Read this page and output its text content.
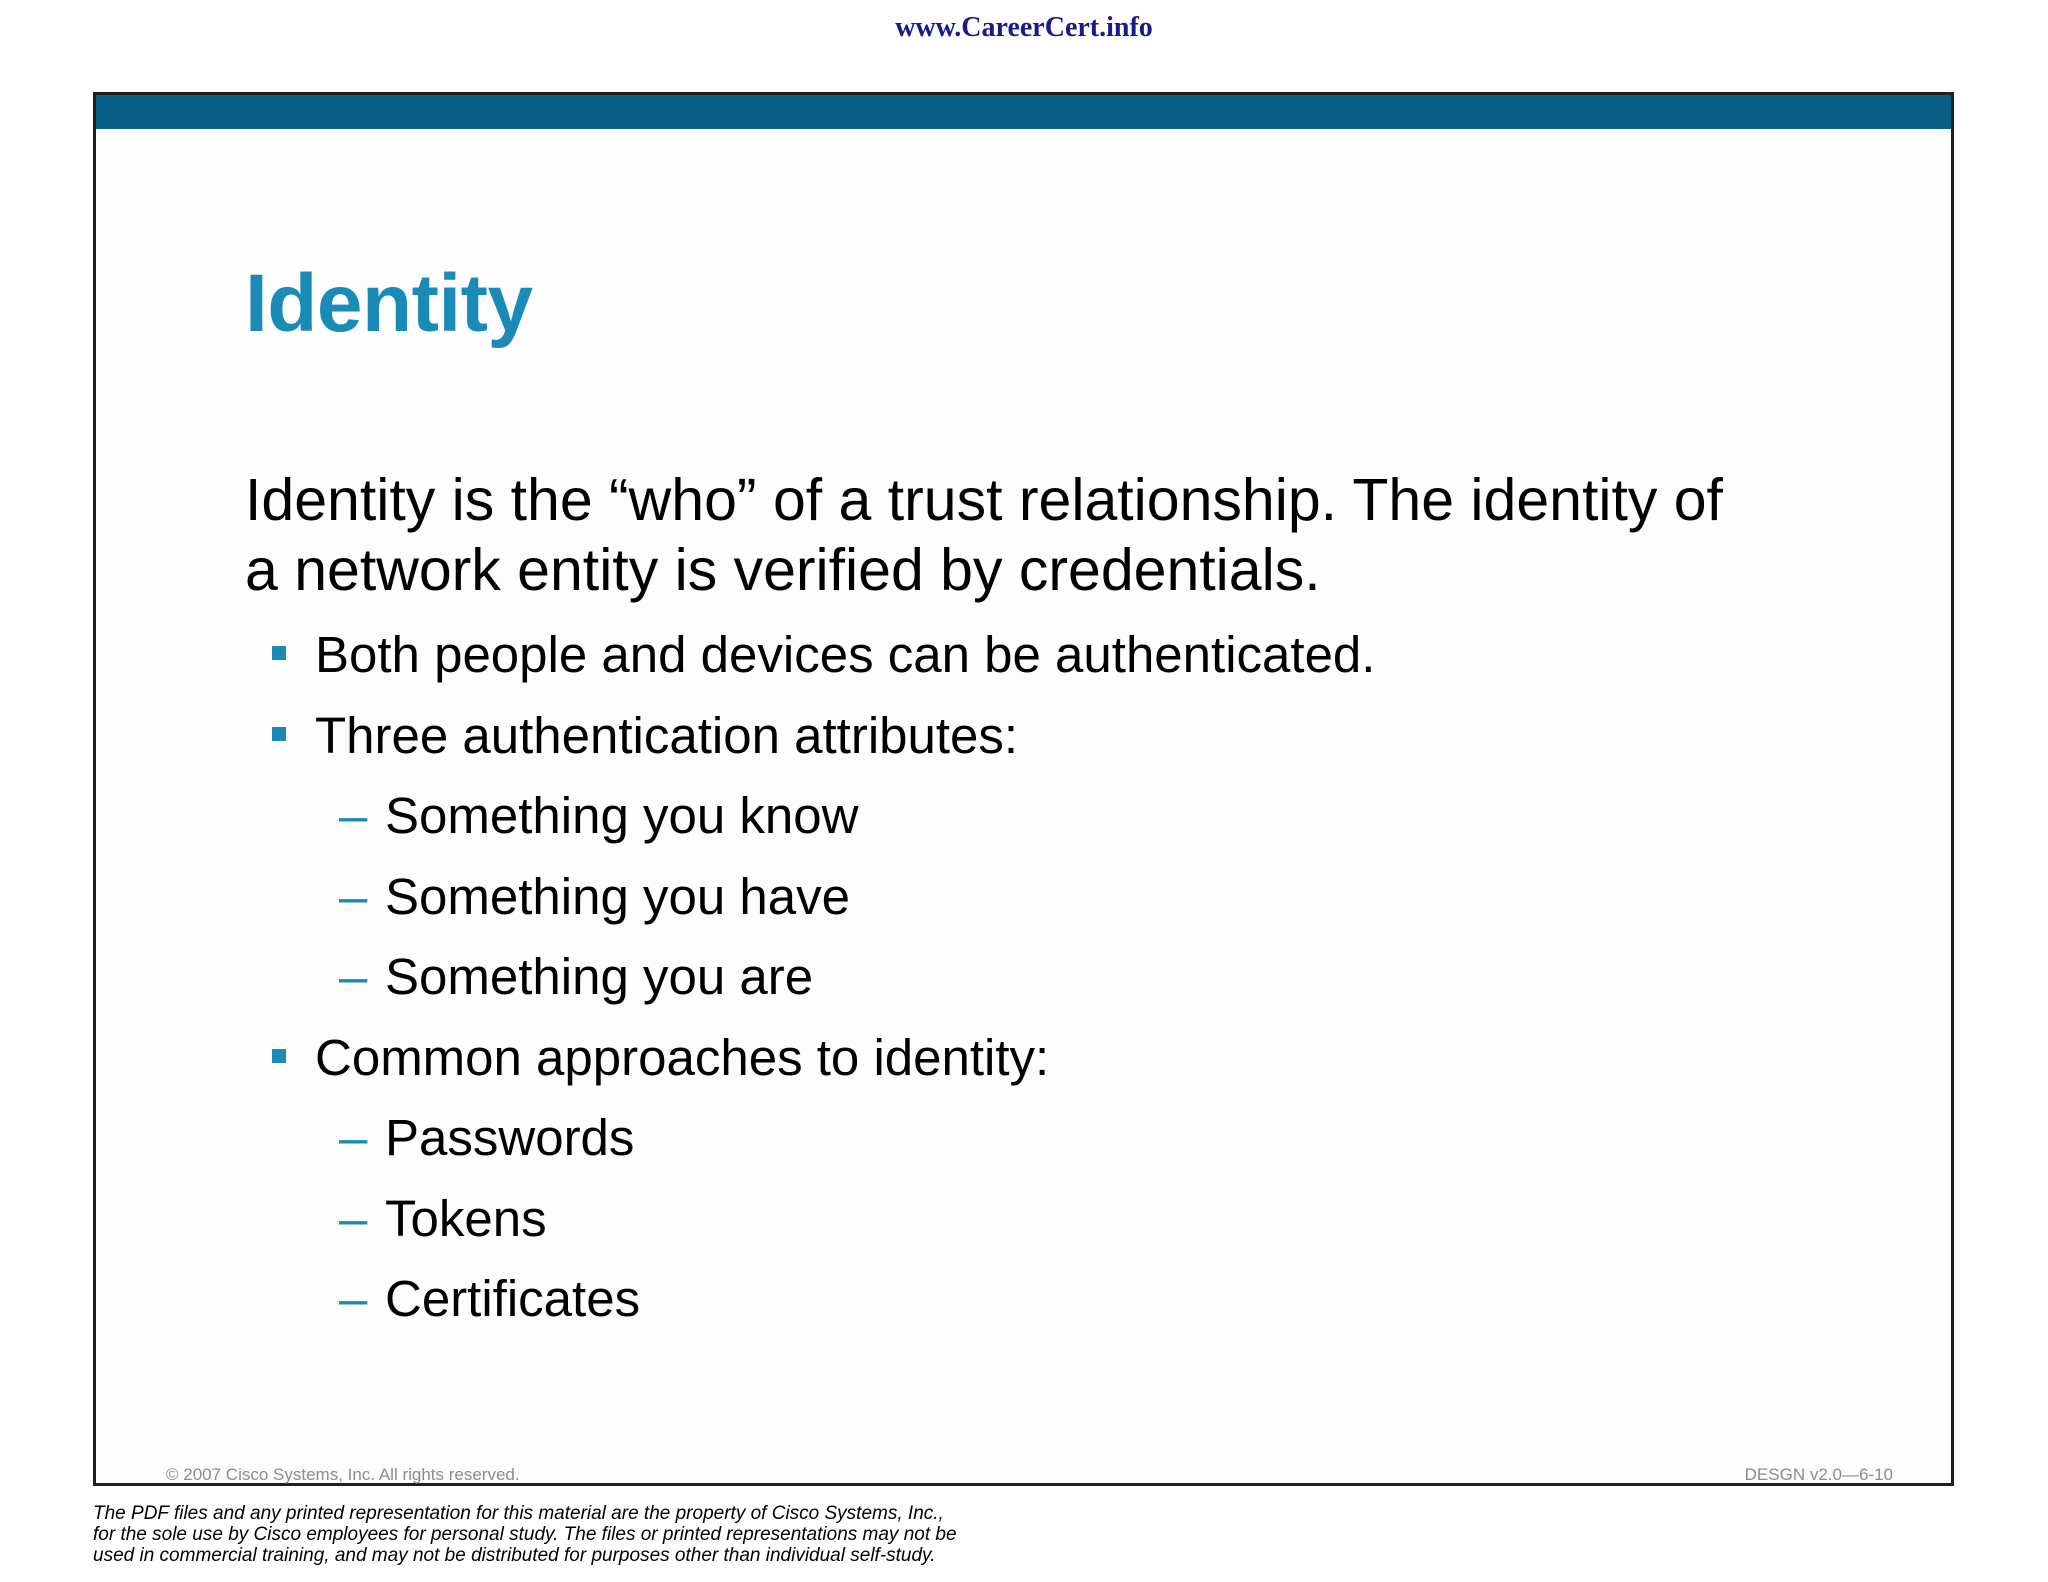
www.CareerCert.info
Identity
Identity is the “who” of a trust relationship. The identity of
a network entity is verified by credentials.
Both people and devices can be authenticated.
Three authentication attributes:
– Something you know
– Something you have
– Something you are
Common approaches to identity:
– Passwords
– Tokens
– Certificates
© 2007 Cisco Systems, Inc. All rights reserved.	DESGN v2.0—6-10
The PDF files and any printed representation for this material are the property of Cisco Systems, Inc.,
for the sole use by Cisco employees for personal study. The files or printed representations may not be
used in commercial training, and may not be distributed for purposes other than individual self-study.
